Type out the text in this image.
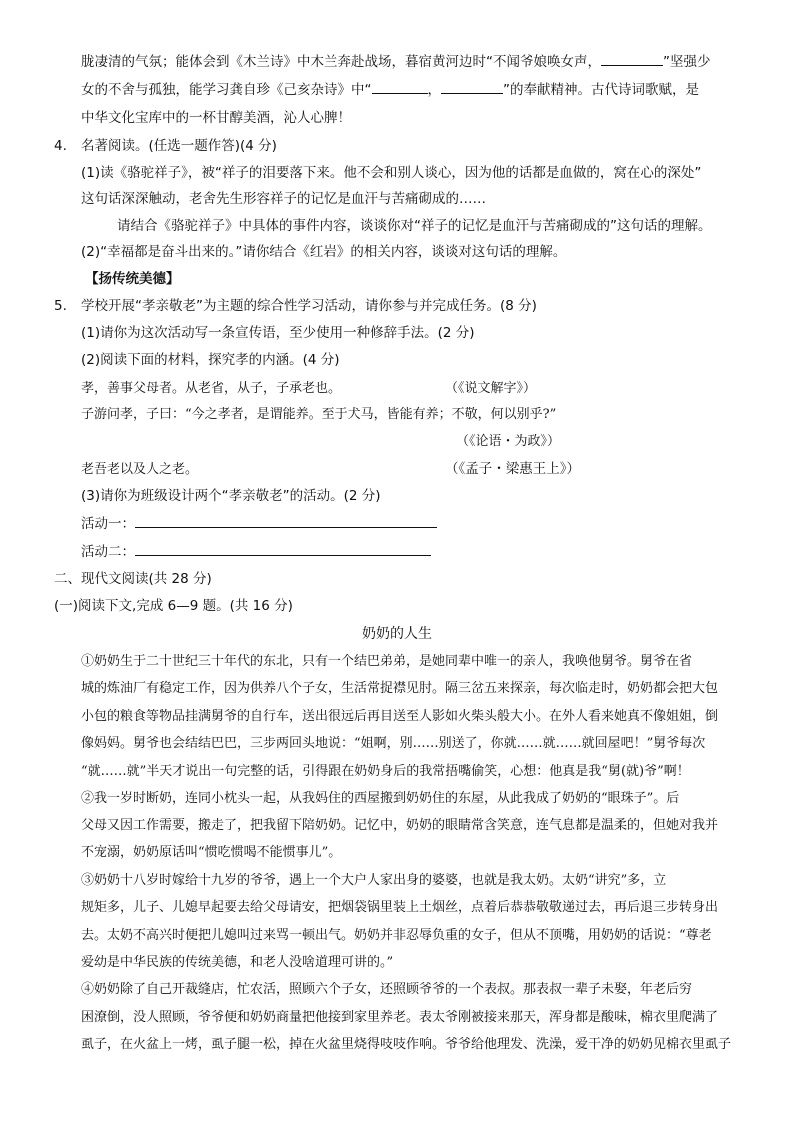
胧凄清的气氛；能体会到《木兰诗》中木兰奔赴战场，暮宿黄河边时“不闻爷娘唤女声，	”坚强少
女的不舍与孤独，能学习龚自珍《己亥杂诗》中“	，	”的奉献精神。古代诗词歌赋，是
中华文化宝库中的一杯甘醇美酒，沁人心脾！
4. 名著阅读。(任选一题作答)(4 分)
(1)读《骆驼祥子》，被“祥子的泪要落下来。他不会和别人谈心，因为他的话都是血做的，窝在心的深处”
这句话深深触动，老舍先生形容祥子的记忆是血汗与苦痛砌成的……
请结合《骆驼祥子》中具体的事件内容，谈谈你对“祥子的记忆是血汗与苦痛砌成的”这句话的理解。
(2)“幸福都是奋斗出来的。”请你结合《红岩》的相关内容，谈谈对这句话的理解。
【扬传统美德】
5. 学校开展“孝亲敬老”为主题的综合性学习活动，请你参与并完成任务。(8 分)
(1)请你为这次活动写一条宣传语，至少使用一种修辞手法。(2 分)
(2)阅读下面的材料，探究孝的内涵。(4 分)
孝，善事父母者。从老省，从子，子承老也。	（《说文解字》）
子游问孝，子曰：“今之孝者，是谓能养。至于犬马，皆能有养；不敬，何以别乎?”
（《论语・为政》）
老吾老以及人之老。	（《孟子・梁惠王上》）
(3)请你为班级设计两个“孝亲敬老”的活动。(2 分)
活动一：
活动二：
二、现代文阅读(共 28 分)
(一)阅读下文,完成 6—9 题。(共 16 分)
奶奶的人生
①奶奶生于二十世纪三十年代的东北，只有一个结巴弟弟，是她同辈中唯一的亲人，我唤他舅爷。舅爷在省
城的炼油厂有稳定工作，因为供养八个子女，生活常捉襟见肘。隔三岔五来探亲，每次临走时，奶奶都会把大包
小包的粮食等物品挂满舅爷的自行车，送出很远后再目送至人影如火柴头般大小。在外人看来她真不像姐姐，倒
像妈妈。舅爷也会结结巴巴，三步两回头地说：“姐啊，别……别送了，你就……就……就回屋吧！”舅爷每次
“就……就”半天才说出一句完整的话，引得跟在奶奶身后的我常捂嘴偷笑，心想：他真是我“舅(就)爷”啊！
②我一岁时断奶，连同小枕头一起，从我妈住的西屋搬到奶奶住的东屋，从此我成了奶奶的“眼珠子”。后
父母又因工作需要，搬走了，把我留下陪奶奶。记忆中，奶奶的眼睛常含笑意，连气息都是温柔的，但她对我并
不宠溺，奶奶原话叫“惯吃惯喝不能惯事儿”。
③奶奶十八岁时嫁给十九岁的爷爷，遇上一个大户人家出身的婆婆，也就是我太奶。太奶“讲究”多，立
规矩多，儿子、儿媳早起要去给父母请安，把烟袋锅里装上土烟丝，点着后恭恭敬敬递过去，再后退三步转身出
去。太奶不高兴时便把儿媳叫过来骂一顿出气。奶奶并非忍辱负重的女子，但从不顶嘴，用奶奶的话说：“尊老
爱幼是中华民族的传统美德，和老人没啥道理可讲的。”
④奶奶除了自己开裁缝店，忙农活，照顾六个子女，还照顾爷爷的一个表叔。那表叔一辈子未娶，年老后穷
困潦倒，没人照顾，爷爷便和奶奶商量把他接到家里养老。表太爷刚被接来那天，浑身都是酸味，棉衣里爬满了
虱子，在火盆上一烤，虱子腿一松，掉在火盆里烧得吱吱作响。爷爷给他理发、洗澡，爱干净的奶奶见棉衣里虱子
